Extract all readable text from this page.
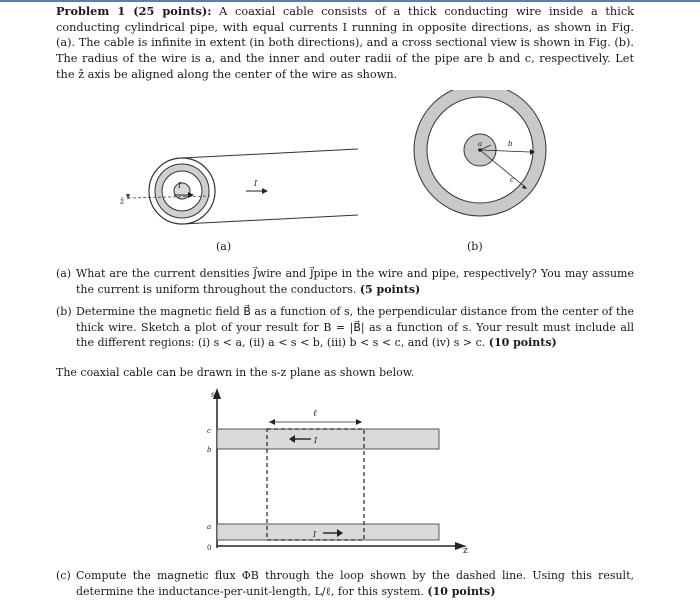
Problem 1 (25 points): A coaxial cable consists of a thick conducting wire inside a thick conducting cylindrical pipe, with equal currents I running in opposite directions, as shown in Fig. (a). The cable is infinite in extent (in both directions), and a cross sectional view is shown in Fig. (b). The radius of the wire is a, and the inner and outer radii of the pipe are b and c, respectively. Let the ẑ axis be aligned along the center of the wire as shown.
I	I
ẑ
a	b
c
(a)	(b)
(a) What are the current densities J⃗wire and J⃗pipe in the wire and pipe, respectively? You may assume the current is uniform throughout the conductors. (5 points)
(b) Determine the magnetic field B⃗ as a function of s, the perpendicular distance from the center of the thick wire. Sketch a plot of your result for B = |B⃗| as a function of s. Your result must include all the different regions: (i) s < a, (ii) a < s < b, (iii) b < s < c, and (iv) s > c. (10 points)
The coaxial cable can be drawn in the s-z plane as shown below.
s
ẑ
c
b
a
0
ℓ
I
I
(c) Compute the magnetic flux ΦB through the loop shown by the dashed line. Using this result, determine the inductance-per-unit-length, L/ℓ, for this system. (10 points)
